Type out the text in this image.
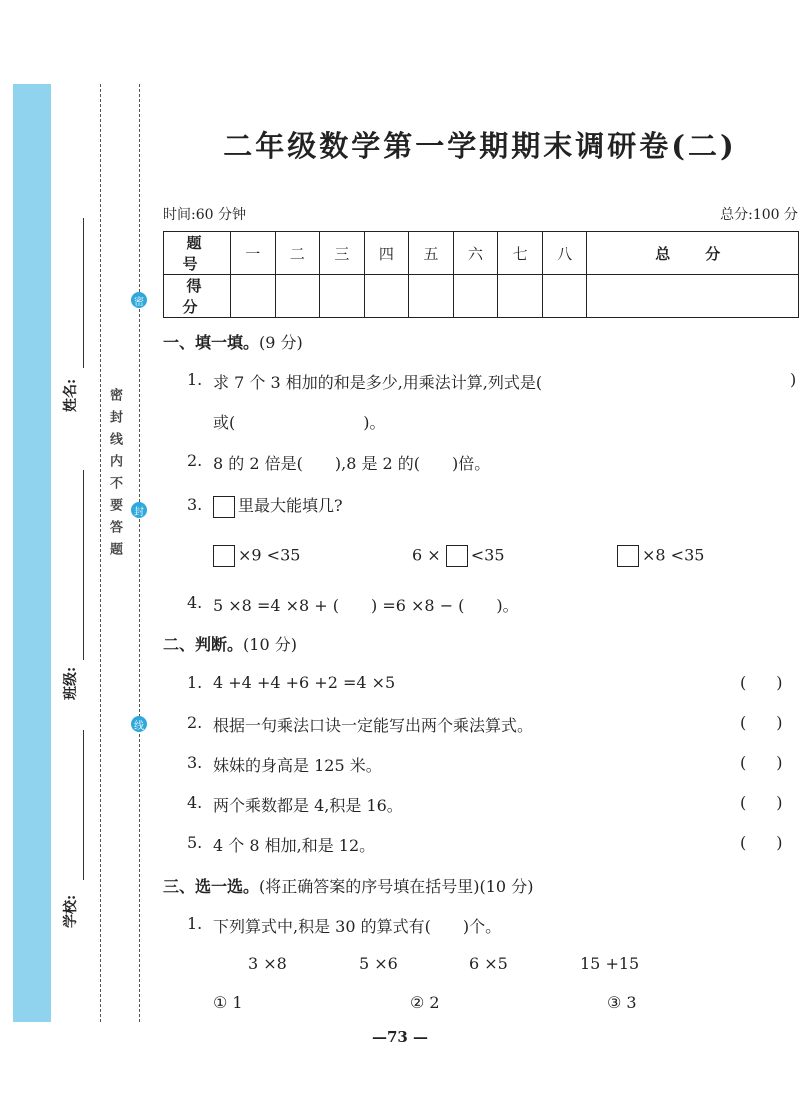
姓名:
班级:
学校:
密封线内不要答题
密
封
线
二年级数学第一学期期末调研卷(二)
时间:60 分钟	总分:100 分
题　号	一	二	三	四	五	六	七	八	总　分
得　分									
一、填一填。(9 分)
1. 求 7 个 3 相加的和是多少,用乘法计算,列式是(	)
或(　　　　　　　　)。
2. 8 的 2 倍是(　　),8 是 2 的(　　)倍。
3.	里最大能填几?
×9 <35	6 × <35	×8 <35
4. 5 ×8 =4 ×8 + (　　) =6 ×8 − (　　)。
二、判断。(10 分)
1. 4 +4 +4 +6 +2 =4 ×5	()
2. 根据一句乘法口诀一定能写出两个乘法算式。	()
3. 妹妹的身高是 125 米。	()
4. 两个乘数都是 4,积是 16。	()
5. 4 个 8 相加,和是 12。	()
三、选一选。(将正确答案的序号填在括号里)(10 分)
1. 下列算式中,积是 30 的算式有(　　)个。
3 ×8	5 ×6	6 ×5	15 +15
① 1	② 2	③ 3
—73 —
